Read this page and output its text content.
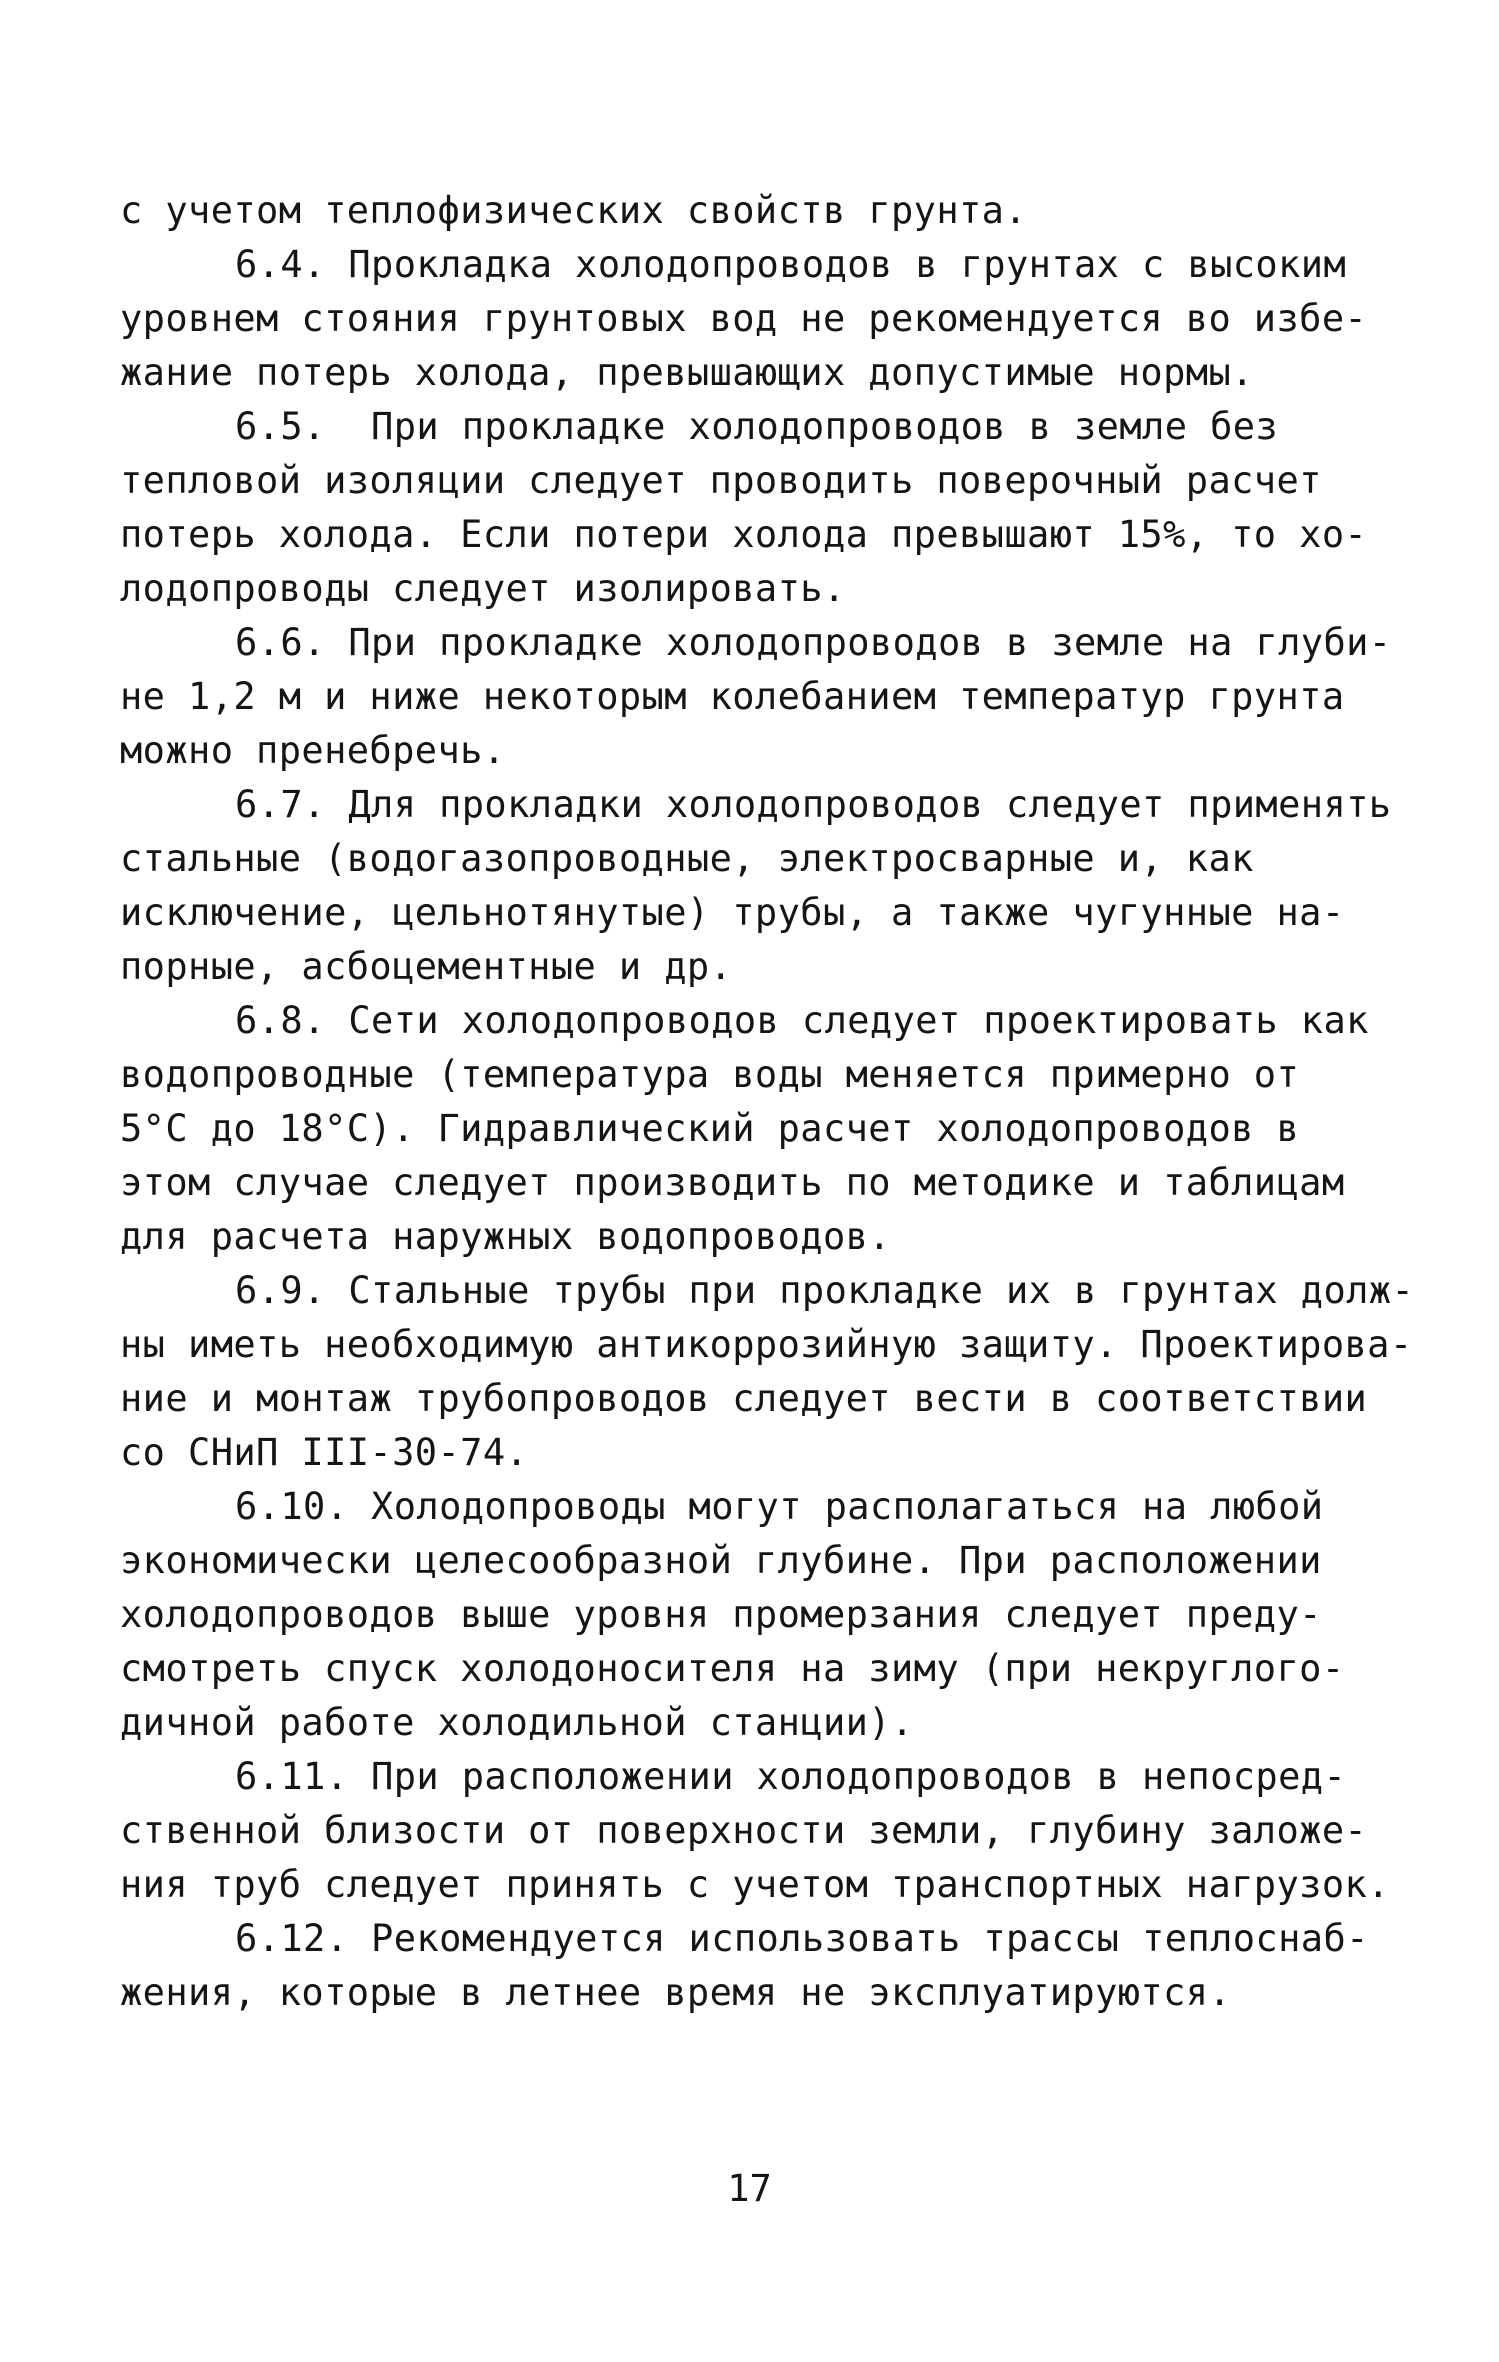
с учетом теплофизических свойств грунта.
6.4. Прокладка холодопроводов в грунтах с высоким
уровнем стояния грунтовых вод не рекомендуется во избе-
жание потерь холода, превышающих допустимые нормы.
6.5.  При прокладке холодопроводов в земле без
тепловой изоляции следует проводить поверочный расчет
потерь холода. Если потери холода превышают 15%, то хо-
лодопроводы следует изолировать.
6.6. При прокладке холодопроводов в земле на глуби-
не 1,2 м и ниже некоторым колебанием температур грунта
можно пренебречь.
6.7. Для прокладки холодопроводов следует применять
стальные (водогазопроводные, электросварные и, как
исключение, цельнотянутые) трубы, а также чугунные на-
порные, асбоцементные и др.
6.8. Сети холодопроводов следует проектировать как
водопроводные (температура воды меняется примерно от
5°С до 18°С). Гидравлический расчет холодопроводов в
этом случае следует производить по методике и таблицам
для расчета наружных водопроводов.
6.9. Стальные трубы при прокладке их в грунтах долж-
ны иметь необходимую антикоррозийную защиту. Проектирова-
ние и монтаж трубопроводов следует вести в соответствии
со СНиП III-30-74.
6.10. Холодопроводы могут располагаться на любой
экономически целесообразной глубине. При расположении
холодопроводов выше уровня промерзания следует преду-
смотреть спуск холодоносителя на зиму (при некруглого-
дичной работе холодильной станции).
6.11. При расположении холодопроводов в непосред-
ственной близости от поверхности земли, глубину заложе-
ния труб следует принять с учетом транспортных нагрузок.
6.12. Рекомендуется использовать трассы теплоснаб-
жения, которые в летнее время не эксплуатируются.
17
